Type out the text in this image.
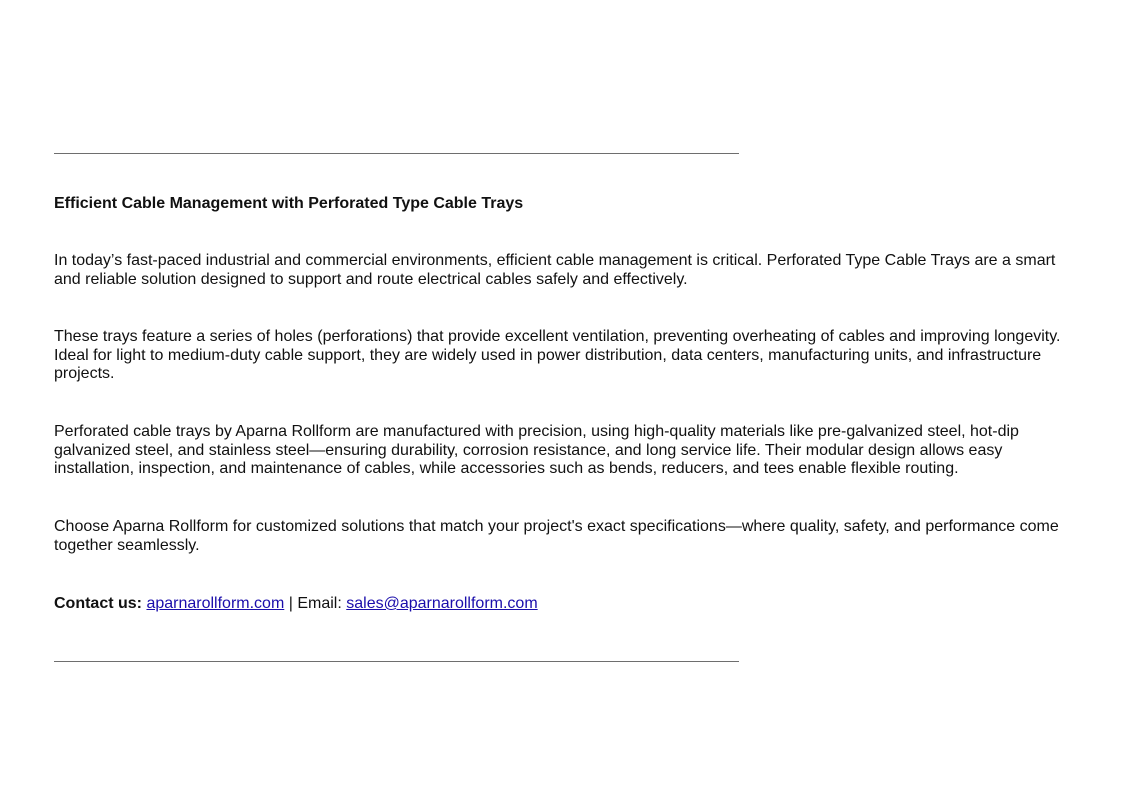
Efficient Cable Management with Perforated Type Cable Trays

In today’s fast-paced industrial and commercial environments, efficient cable management is critical. Perforated Type Cable Trays are a smart and reliable solution designed to support and route electrical cables safely and effectively.

These trays feature a series of holes (perforations) that provide excellent ventilation, preventing overheating of cables and improving longevity. Ideal for light to medium-duty cable support, they are widely used in power distribution, data centers, manufacturing units, and infrastructure projects.

Perforated cable trays by Aparna Rollform are manufactured with precision, using high-quality materials like pre-galvanized steel, hot-dip galvanized steel, and stainless steel—ensuring durability, corrosion resistance, and long service life. Their modular design allows easy installation, inspection, and maintenance of cables, while accessories such as bends, reducers, and tees enable flexible routing.

Choose Aparna Rollform for customized solutions that match your project's exact specifications—where quality, safety, and performance come together seamlessly.

Contact us: aparnarollform.com | Email: sales@aparnarollform.com
